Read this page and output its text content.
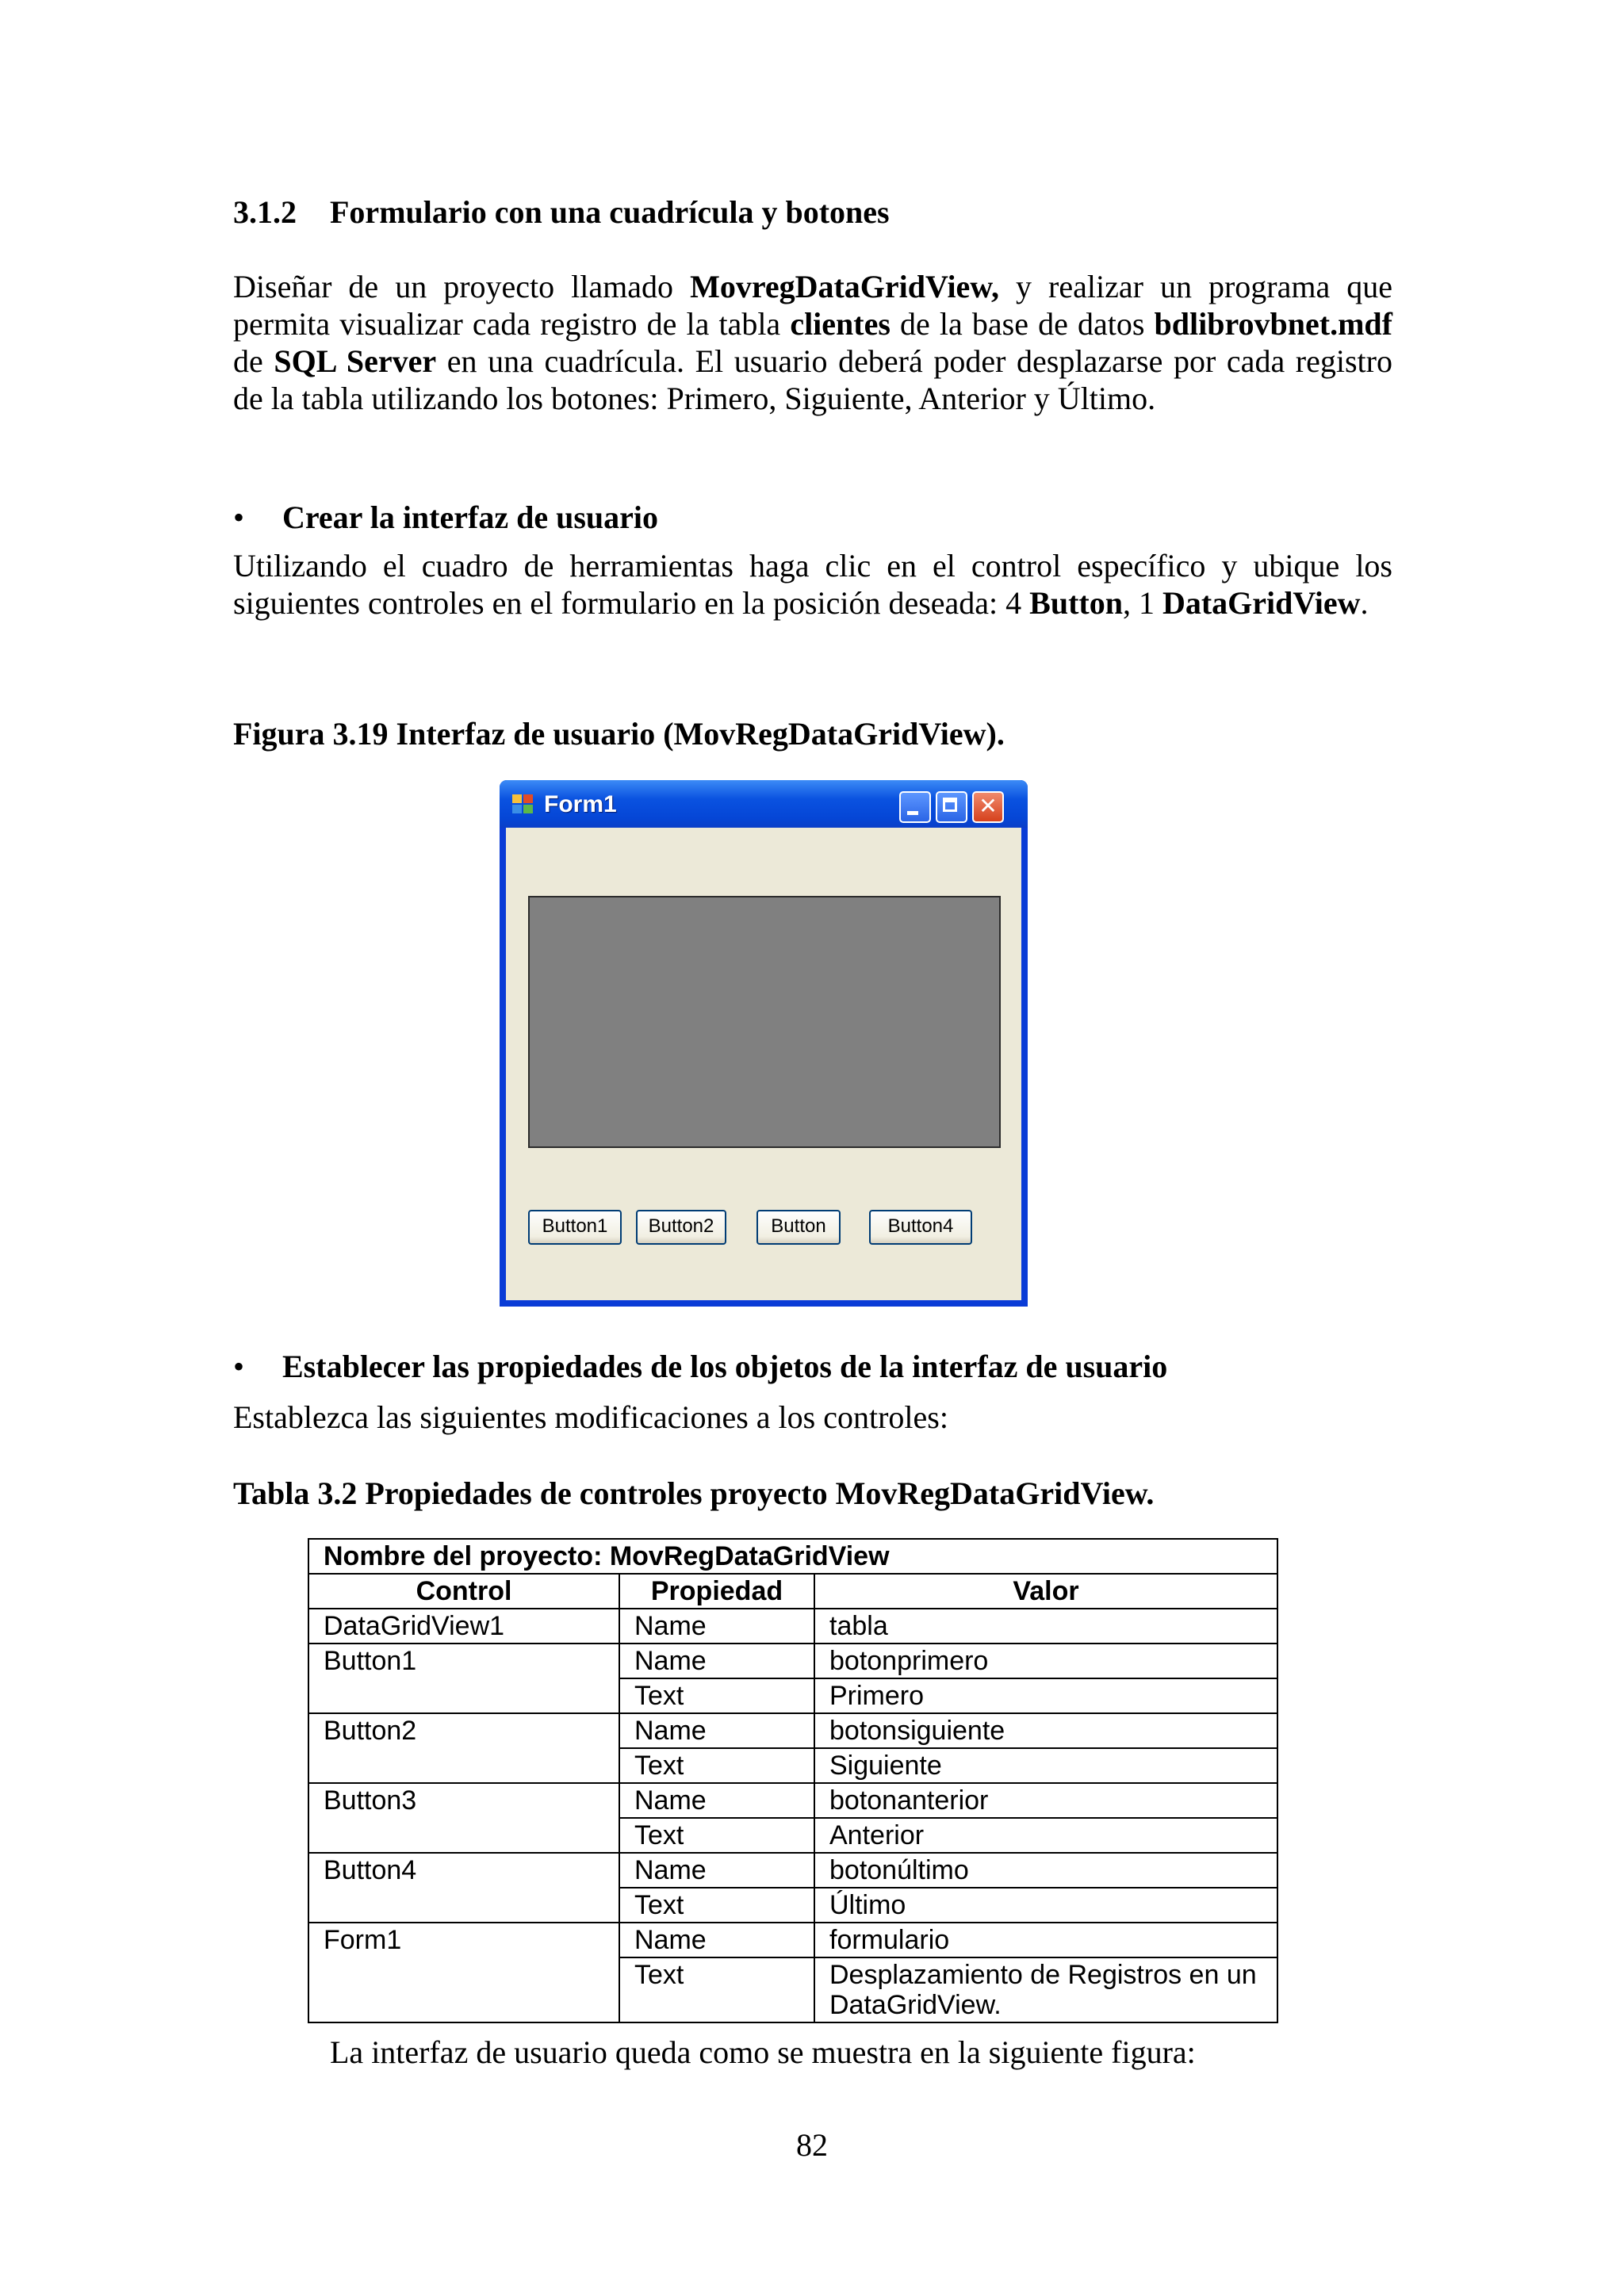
3.1.2 Formulario con una cuadrícula y botones

Diseñar de un proyecto llamado MovregDataGridView, y realizar un programa que permita visualizar cada registro de la tabla clientes de la base de datos bdlibrovbnet.mdf de SQL Server en una cuadrícula. El usuario deberá poder desplazarse por cada registro de la tabla utilizando los botones: Primero, Siguiente, Anterior y Último.

• Crear la interfaz de usuario

Utilizando el cuadro de herramientas haga clic en el control específico y ubique los siguientes controles en el formulario en la posición deseada: 4 Button, 1 DataGridView.

Figura 3.19 Interfaz de usuario (MovRegDataGridView).

Form1	✕
Button1	Button2	Button	Button4

• Establecer las propiedades de los objetos de la interfaz de usuario

Establezca las siguientes modificaciones a los controles:

Tabla 3.2 Propiedades de controles proyecto MovRegDataGridView.

Nombre del proyecto: MovRegDataGridView		
Control	Propiedad	Valor
DataGridView1	Name	tabla
Button1	Name	botonprimero
	Text	Primero
Button2	Name	botonsiguiente
	Text	Siguiente
Button3	Name	botonanterior
	Text	Anterior
Button4	Name	botonúltimo
	Text	Último
Form1	Name	formulario
	Text	Desplazamiento de Registros en un DataGridView.

La interfaz de usuario queda como se muestra en la siguiente figura:

82
